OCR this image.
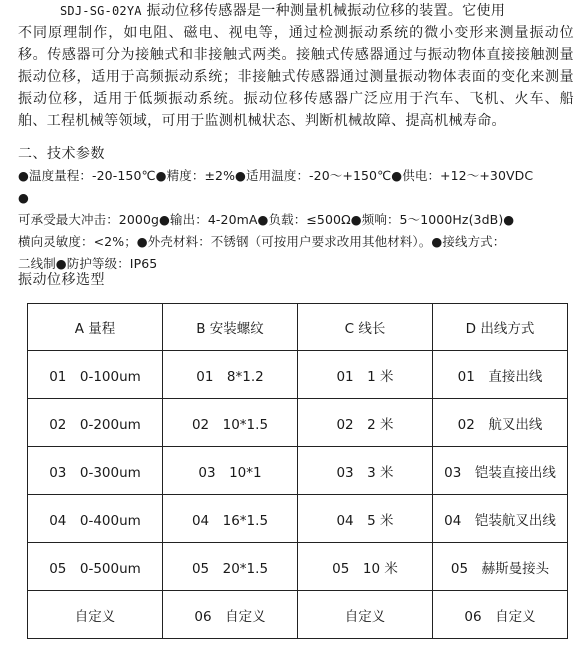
SDJ-SG-02YA 振动位移传感器是一种测量机械振动位移的装置。它使用
不同原理制作，如电阻、磁电、视电等，通过检测振动系统的微小变形来测量振动位移。传感器可分为接触式和非接触式两类。接触式传感器通过与振动物体直接接触测量振动位移，适用于高频振动系统；非接触式传感器通过测量振动物体表面的变化来测量振动位移，适用于低频振动系统。振动位移传感器广泛应用于汽车、飞机、火车、船舶、工程机械等领域，可用于监测机械状态、判断机械故障、提高机械寿命。
二、技术参数
●温度量程：-20-150℃●精度：±2%●适用温度：-20～+150℃●供电：+12～+30VDC
●
可承受最大冲击：2000g●输出：4-20mA●负载：≤500Ω●频响：5～1000Hz(3dB)●
横向灵敏度：<2%；●外壳材料：不锈钢（可按用户要求改用其他材料）。●接线方式：
二线制●防护等级：IP65
振动位移选型
A 量程	B 安装螺纹	C 线长	D 出线方式
01　0-100um	01　8*1.2	01　1 米	01　直接出线
02　0-200um	02　10*1.5	02　2 米	02　航叉出线
03　0-300um	03　10*1	03　3 米	03　铠装直接出线
04　0-400um	04　16*1.5	04　5 米	04　铠装航叉出线
05　0-500um	05　20*1.5	05　10 米	05　赫斯曼接头
自定义	06　自定义	自定义	06　自定义
